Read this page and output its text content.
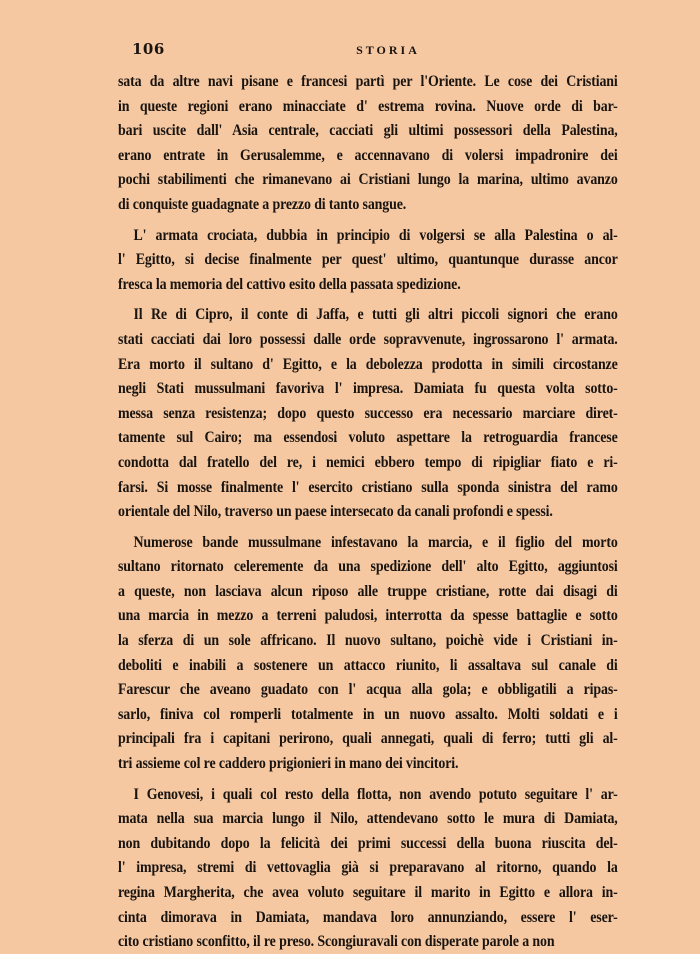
106	STORIA
sata da altre navi pisane e francesi partì per l'Oriente. Le cose dei Cristiani
in queste regioni erano minacciate d' estrema rovina. Nuove orde di bar-
bari uscite dall' Asia centrale, cacciati gli ultimi possessori della Palestina,
erano entrate in Gerusalemme, e accennavano di volersi impadronire dei
pochi stabilimenti che rimanevano ai Cristiani lungo la marina, ultimo avanzo
di conquiste guadagnate a prezzo di tanto sangue.
L' armata crociata, dubbia in principio di volgersi se alla Palestina o al-
l' Egitto, si decise finalmente per quest' ultimo, quantunque durasse ancor
fresca la memoria del cattivo esito della passata spedizione.
Il Re di Cipro, il conte di Jaffa, e tutti gli altri piccoli signori che erano
stati cacciati dai loro possessi dalle orde sopravvenute, ingrossarono l' armata.
Era morto il sultano d' Egitto, e la debolezza prodotta in simili circostanze
negli Stati mussulmani favoriva l' impresa. Damiata fu questa volta sotto-
messa senza resistenza; dopo questo successo era necessario marciare diret-
tamente sul Cairo; ma essendosi voluto aspettare la retroguardia francese
condotta dal fratello del re, i nemici ebbero tempo di ripigliar fiato e ri-
farsi. Si mosse finalmente l' esercito cristiano sulla sponda sinistra del ramo
orientale del Nilo, traverso un paese intersecato da canali profondi e spessi.
Numerose bande mussulmane infestavano la marcia, e il figlio del morto
sultano ritornato celeremente da una spedizione dell' alto Egitto, aggiuntosi
a queste, non lasciava alcun riposo alle truppe cristiane, rotte dai disagi di
una marcia in mezzo a terreni paludosi, interrotta da spesse battaglie e sotto
la sferza di un sole affricano. Il nuovo sultano, poichè vide i Cristiani in-
deboliti e inabili a sostenere un attacco riunito, li assaltava sul canale di
Farescur che aveano guadato con l' acqua alla gola; e obbligatili a ripas-
sarlo, finiva col romperli totalmente in un nuovo assalto. Molti soldati e i
principali fra i capitani perirono, quali annegati, quali di ferro; tutti gli al-
tri assieme col re caddero prigionieri in mano dei vincitori.
I Genovesi, i quali col resto della flotta, non avendo potuto seguitare l' ar-
mata nella sua marcia lungo il Nilo, attendevano sotto le mura di Damiata,
non dubitando dopo la felicità dei primi successi della buona riuscita del-
l' impresa, stremi di vettovaglia già si preparavano al ritorno, quando la
regina Margherita, che avea voluto seguitare il marito in Egitto e allora in-
cinta dimorava in Damiata, mandava loro annunziando, essere l' eser-
cito cristiano sconfitto, il re preso. Scongiuravali con disperate parole a non
